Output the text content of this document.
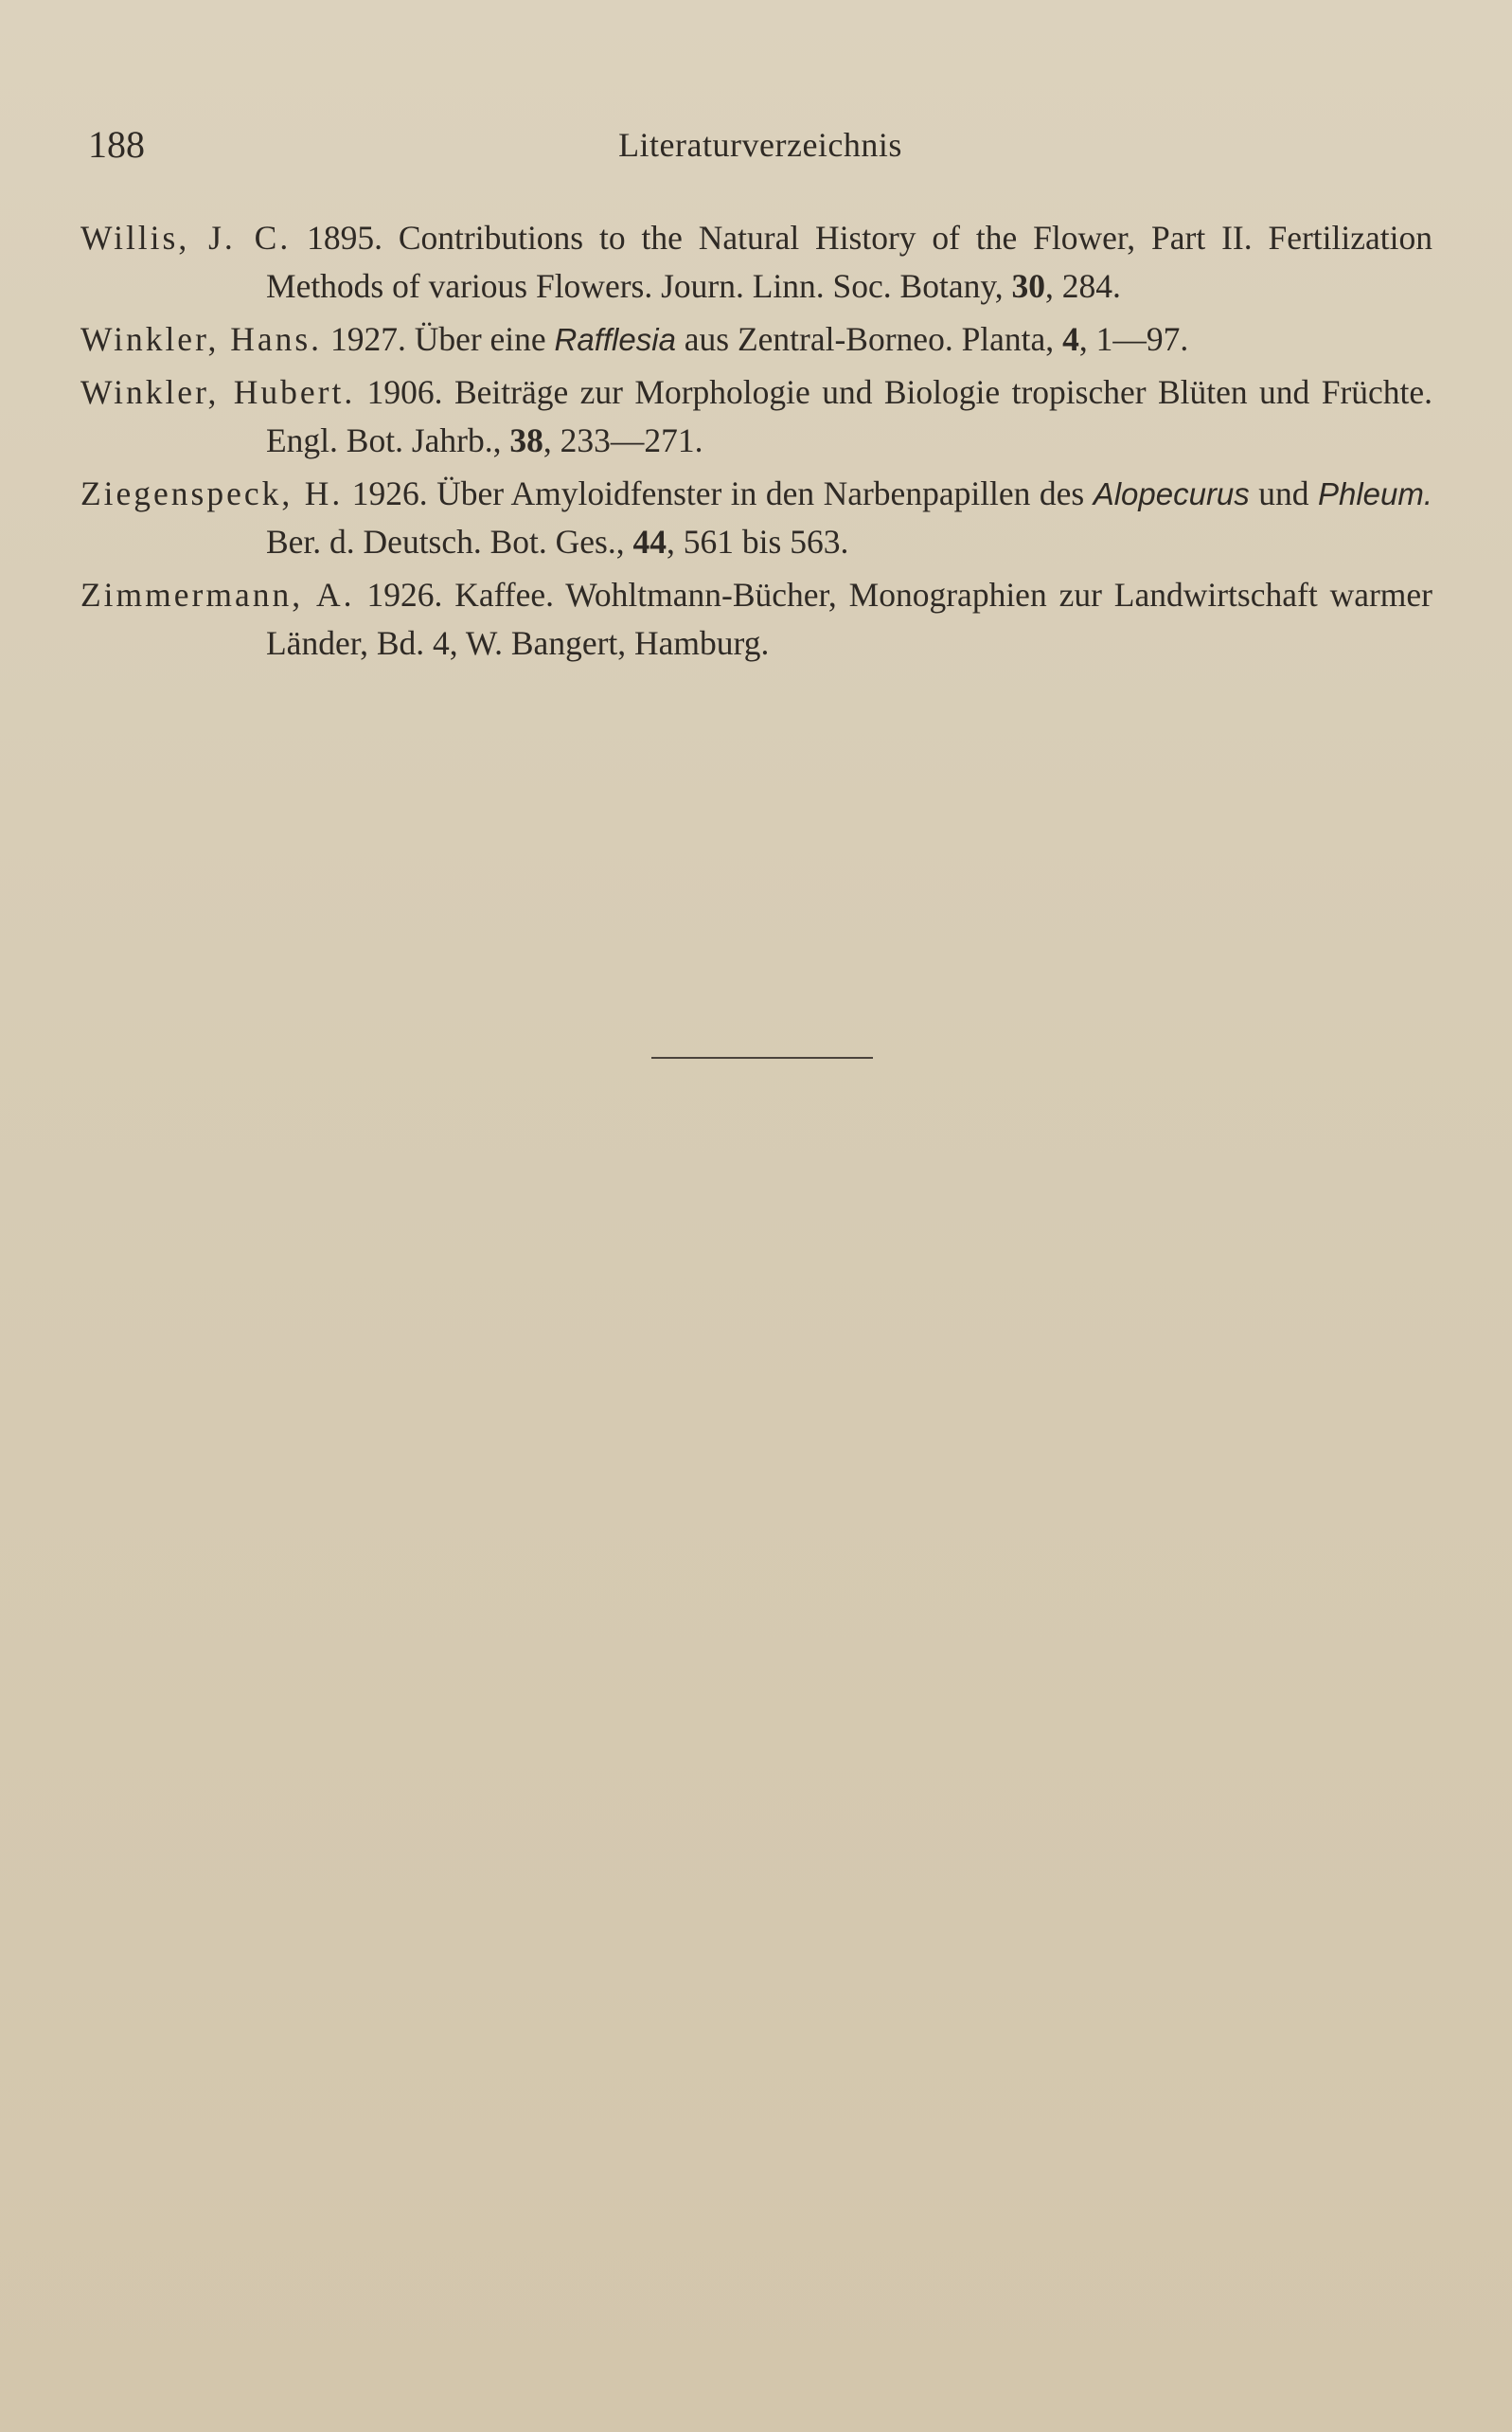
188	Literaturverzeichnis

Willis, J. C. 1895. Contributions to the Natural History of the Flower, Part II. Fertilization Methods of various Flowers. Journ. Linn. Soc. Botany, 30, 284.

Winkler, Hans. 1927. Über eine Rafflesia aus Zentral-Borneo. Planta, 4, 1—97.

Winkler, Hubert. 1906. Beiträge zur Morphologie und Biologie tropischer Blüten und Früchte. Engl. Bot. Jahrb., 38, 233—271.

Ziegenspeck, H. 1926. Über Amyloidfenster in den Narbenpapillen des Alopecurus und Phleum. Ber. d. Deutsch. Bot. Ges., 44, 561 bis 563.

Zimmermann, A. 1926. Kaffee. Wohltmann-Bücher, Monographien zur Landwirtschaft warmer Länder, Bd. 4, W. Bangert, Hamburg.
